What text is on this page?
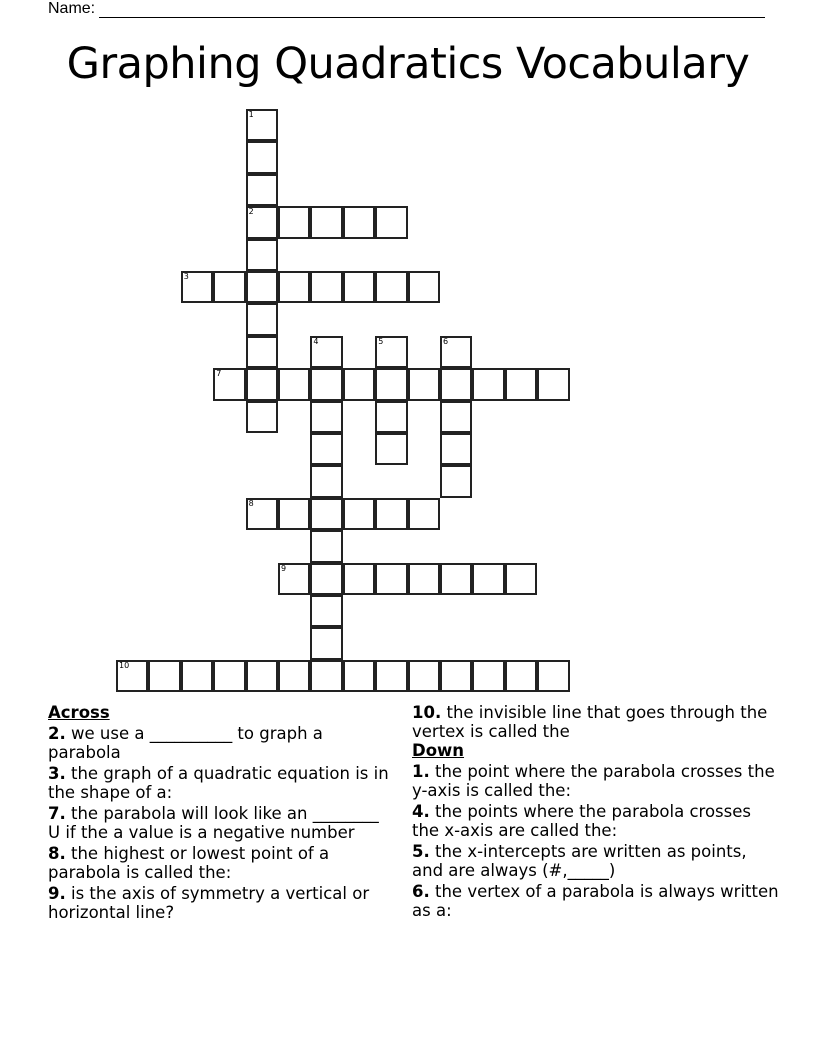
Name:
Graphing Quadratics Vocabulary
1
2
3
4	5	6
7
8
9
10
Across
2. we use a __________ to graph a parabola
3. the graph of a quadratic equation is in the shape of a:
7. the parabola will look like an ________ U if the a value is a negative number
8. the highest or lowest point of a parabola is called the:
9. is the axis of symmetry a vertical or horizontal line?
10. the invisible line that goes through the vertex is called the
Down
1. the point where the parabola crosses the y-axis is called the:
4. the points where the parabola crosses the x-axis are called the:
5. the x-intercepts are written as points, and are always (#,_____)
6. the vertex of a parabola is always written as a:
